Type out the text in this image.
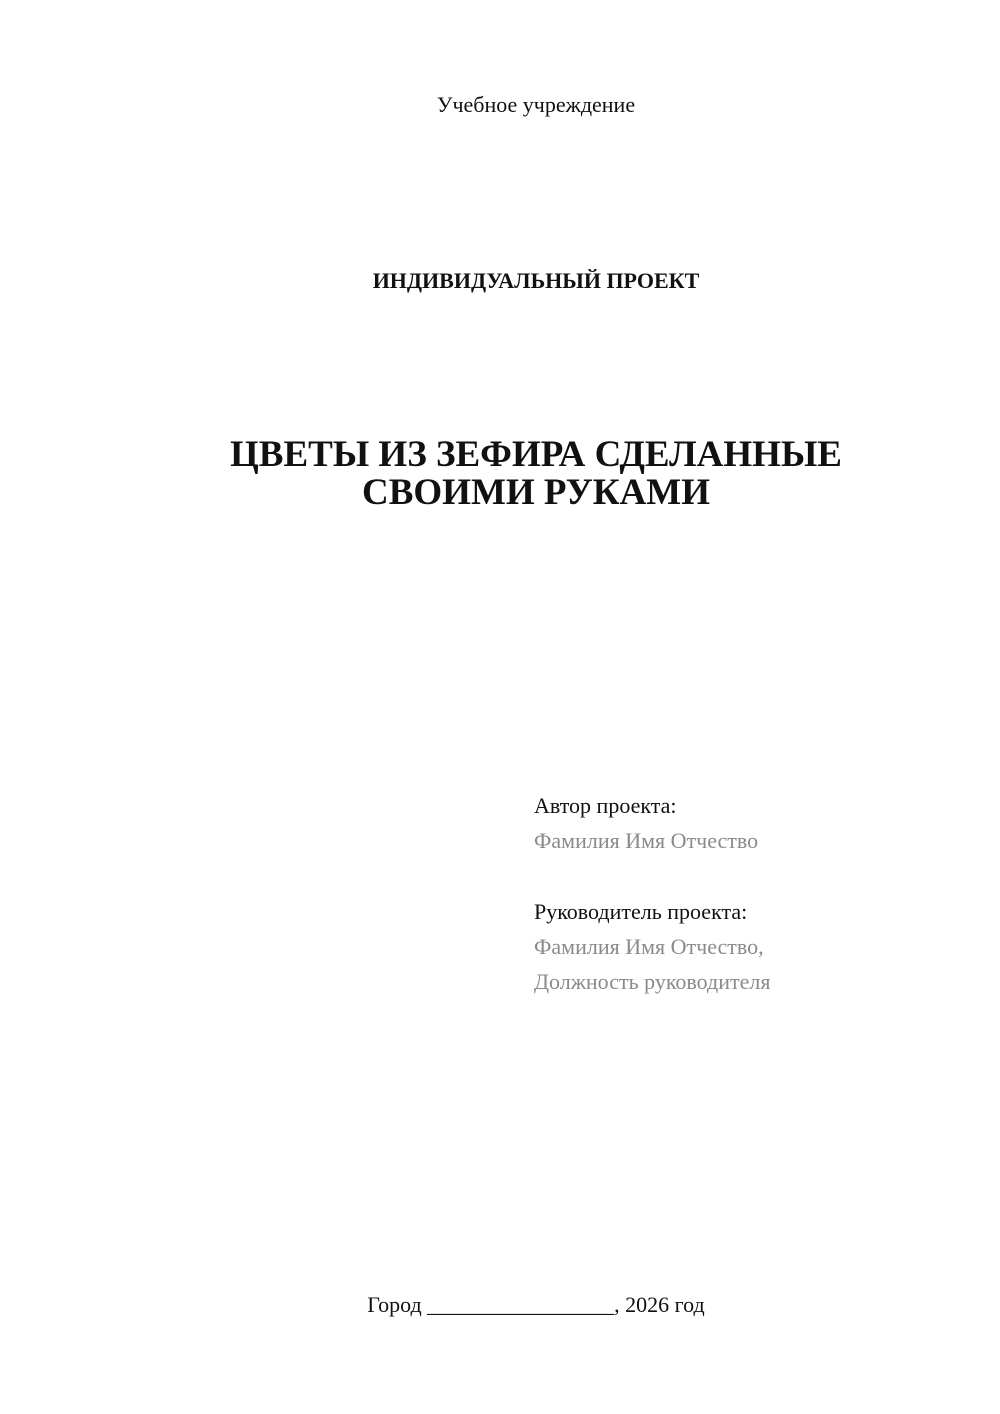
Учебное учреждение
ИНДИВИДУАЛЬНЫЙ ПРОЕКТ
ЦВЕТЫ ИЗ ЗЕФИРА СДЕЛАННЫЕ
СВОИМИ РУКАМИ
Автор проекта:
Фамилия Имя Отчество
Руководитель проекта:
Фамилия Имя Отчество,
Должность руководителя
Город _________________, 2026 год
